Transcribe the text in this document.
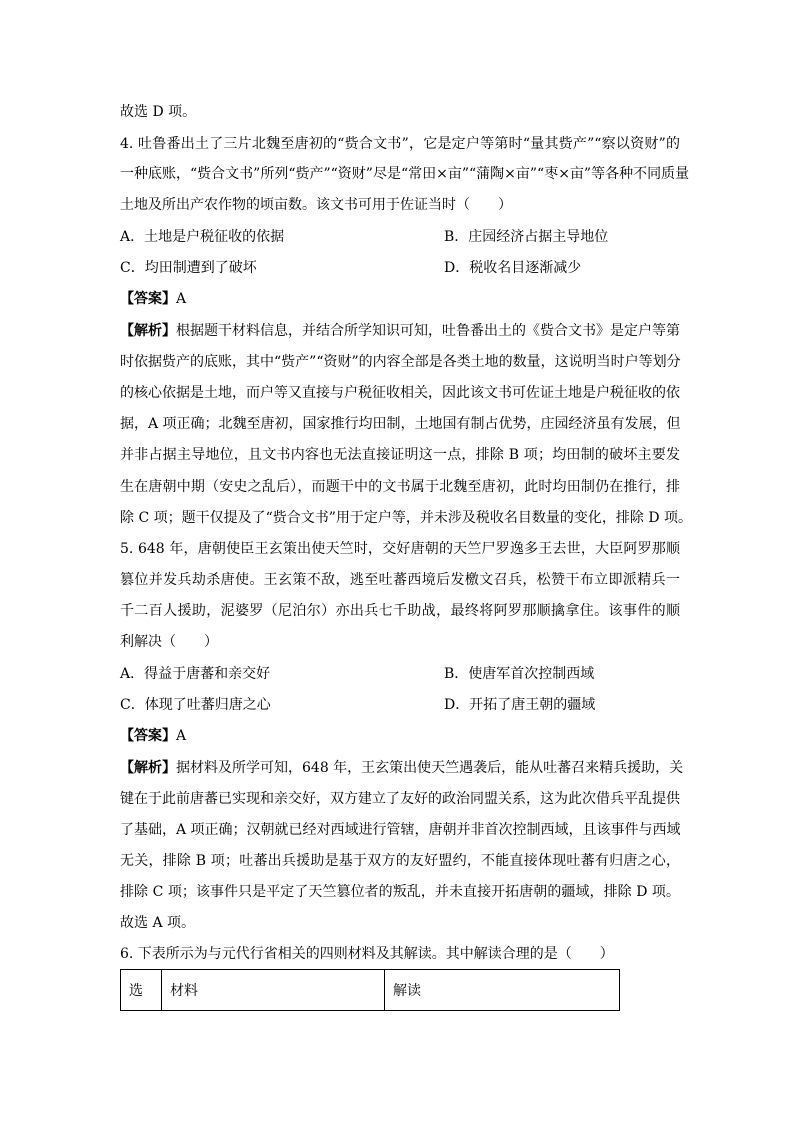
故选 D 项。
4. 吐鲁番出土了三片北魏至唐初的“赀合文书”，它是定户等第时“量其赀产”“察以资财”的
一种底账，“赀合文书”所列“赀产”“资财”尽是“常田×亩”“蒲陶×亩”“枣×亩”等各种不同质量
土地及所出产农作物的顷亩数。该文书可用于佐证当时（　　）
A．土地是户税征收的依据	B．庄园经济占据主导地位
C．均田制遭到了破坏	D．税收名目逐渐减少
【答案】A
【解析】根据题干材料信息，并结合所学知识可知，吐鲁番出土的《赀合文书》是定户等第
时依据赀产的底账，其中“赀产”“资财”的内容全部是各类土地的数量，这说明当时户等划分
的核心依据是土地，而户等又直接与户税征收相关，因此该文书可佐证土地是户税征收的依
据，A 项正确；北魏至唐初，国家推行均田制，土地国有制占优势，庄园经济虽有发展，但
并非占据主导地位，且文书内容也无法直接证明这一点，排除 B 项；均田制的破坏主要发
生在唐朝中期（安史之乱后），而题干中的文书属于北魏至唐初，此时均田制仍在推行，排
除 C 项；题干仅提及了“赀合文书”用于定户等，并未涉及税收名目数量的变化，排除 D 项。
5. 648 年，唐朝使臣王玄策出使天竺时，交好唐朝的天竺尸罗逸多王去世，大臣阿罗那顺
篡位并发兵劫杀唐使。王玄策不敌，逃至吐蕃西境后发檄文召兵，松赞干布立即派精兵一
千二百人援助，泥婆罗（尼泊尔）亦出兵七千助战，最终将阿罗那顺擒拿住。该事件的顺
利解决（　　）
A．得益于唐蕃和亲交好	B．使唐军首次控制西域
C．体现了吐蕃归唐之心	D．开拓了唐王朝的疆域
【答案】A
【解析】据材料及所学可知，648 年，王玄策出使天竺遇袭后，能从吐蕃召来精兵援助，关
键在于此前唐蕃已实现和亲交好，双方建立了友好的政治同盟关系，这为此次借兵平乱提供
了基础，A 项正确；汉朝就已经对西域进行管辖，唐朝并非首次控制西域，且该事件与西域
无关，排除 B 项；吐蕃出兵援助是基于双方的友好盟约，不能直接体现吐蕃有归唐之心，
排除 C 项；该事件只是平定了天竺篡位者的叛乱，并未直接开拓唐朝的疆域，排除 D 项。
故选 A 项。
6. 下表所示为与元代行省相关的四则材料及其解读。其中解读合理的是（　　）
选	材料	解读
